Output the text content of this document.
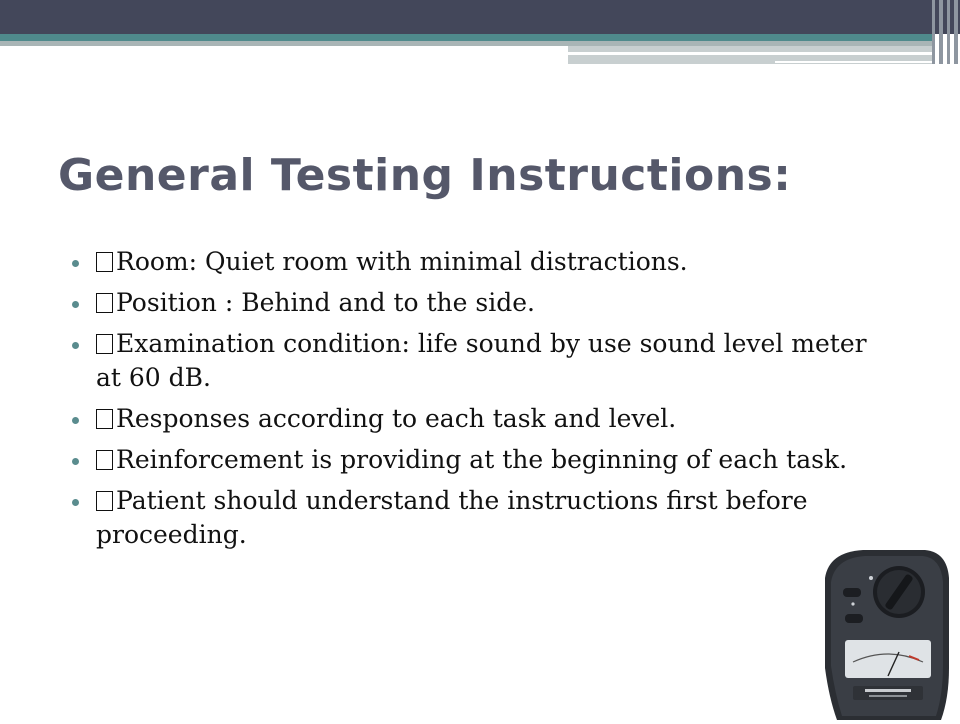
General Testing Instructions:
Room: Quiet room with minimal distractions.
Position : Behind and to the side.
Examination condition: life sound by use sound level meter at 60 dB.
Responses according to each task and level.
Reinforcement is providing at the beginning of each task.
Patient should understand the instructions first before proceeding.
